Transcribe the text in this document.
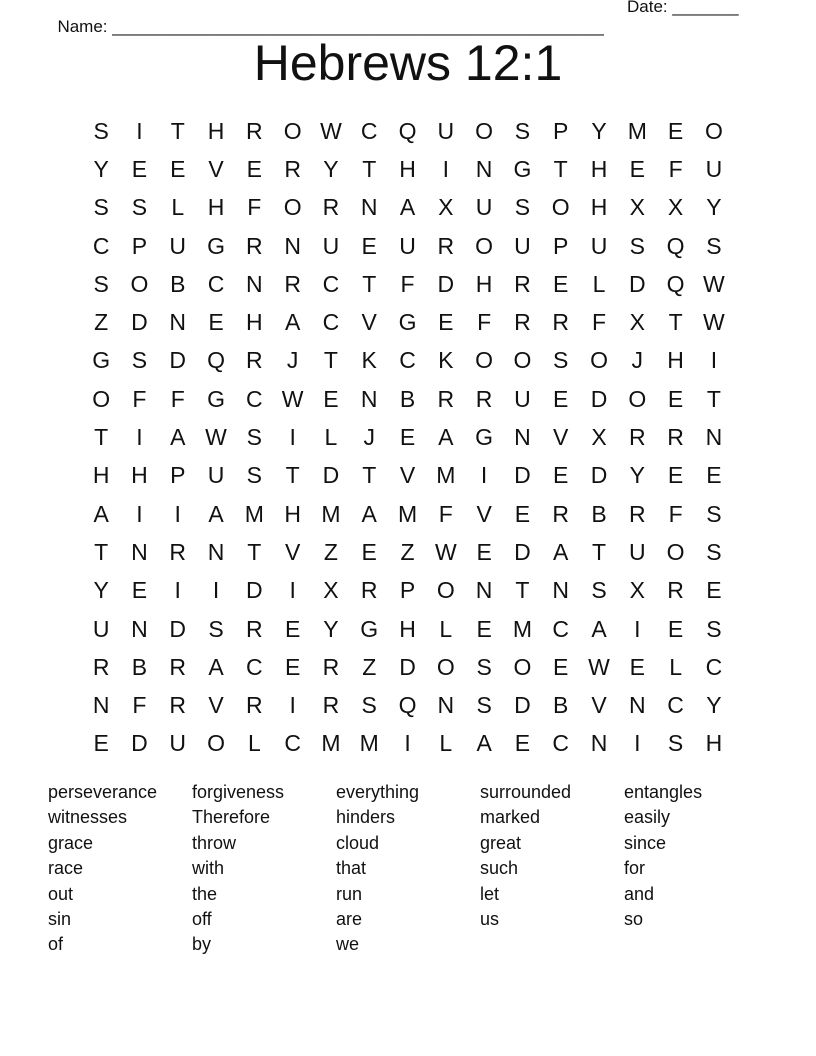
Name: ____________________________________________________

Date: _______

Hebrews 12:1
S	I	T H R O W C Q U O S P Y M E O
Y E E V E R Y	T H	I	N G T H E	F U
S S	L	H F O R N A X U S O H X X Y
C P U G R N U E U R O U P U S Q S
S O B C N R C T	F D H R E	L	D Q W
Z D N E H A C V G E	F R R F	X	T W
G S D Q R	J	T	K C K O O S O	J	H	I
O F	F G C W E N B R R U E D O E	T
T	I	A W S	I	L	J	E A G N V X R R N
H H P U S	T D T	V M	I	D E D Y E E
A	I	I	A M H M A M F	V E R B R F	S
T N R N T	V	Z	E	Z W E D A	T U O S
Y E	I	I	D	I	X R P O N T N S X R E
U N D S R E Y G H	L	E M C A	I	E S
R B R A C E R Z D O S O E W E	L	C
N F R V R	I	R S Q N S D B V N C Y
E D U O L	C M M	I	L	A E C N	I	S H
perseverance
witnesses
grace
race
out
sin
of
forgiveness
Therefore
throw
with
the
off
by
everything
hinders
cloud
that
run
are
we
surrounded
marked
great
such
let
us
entangles
easily
since
for
and
so
